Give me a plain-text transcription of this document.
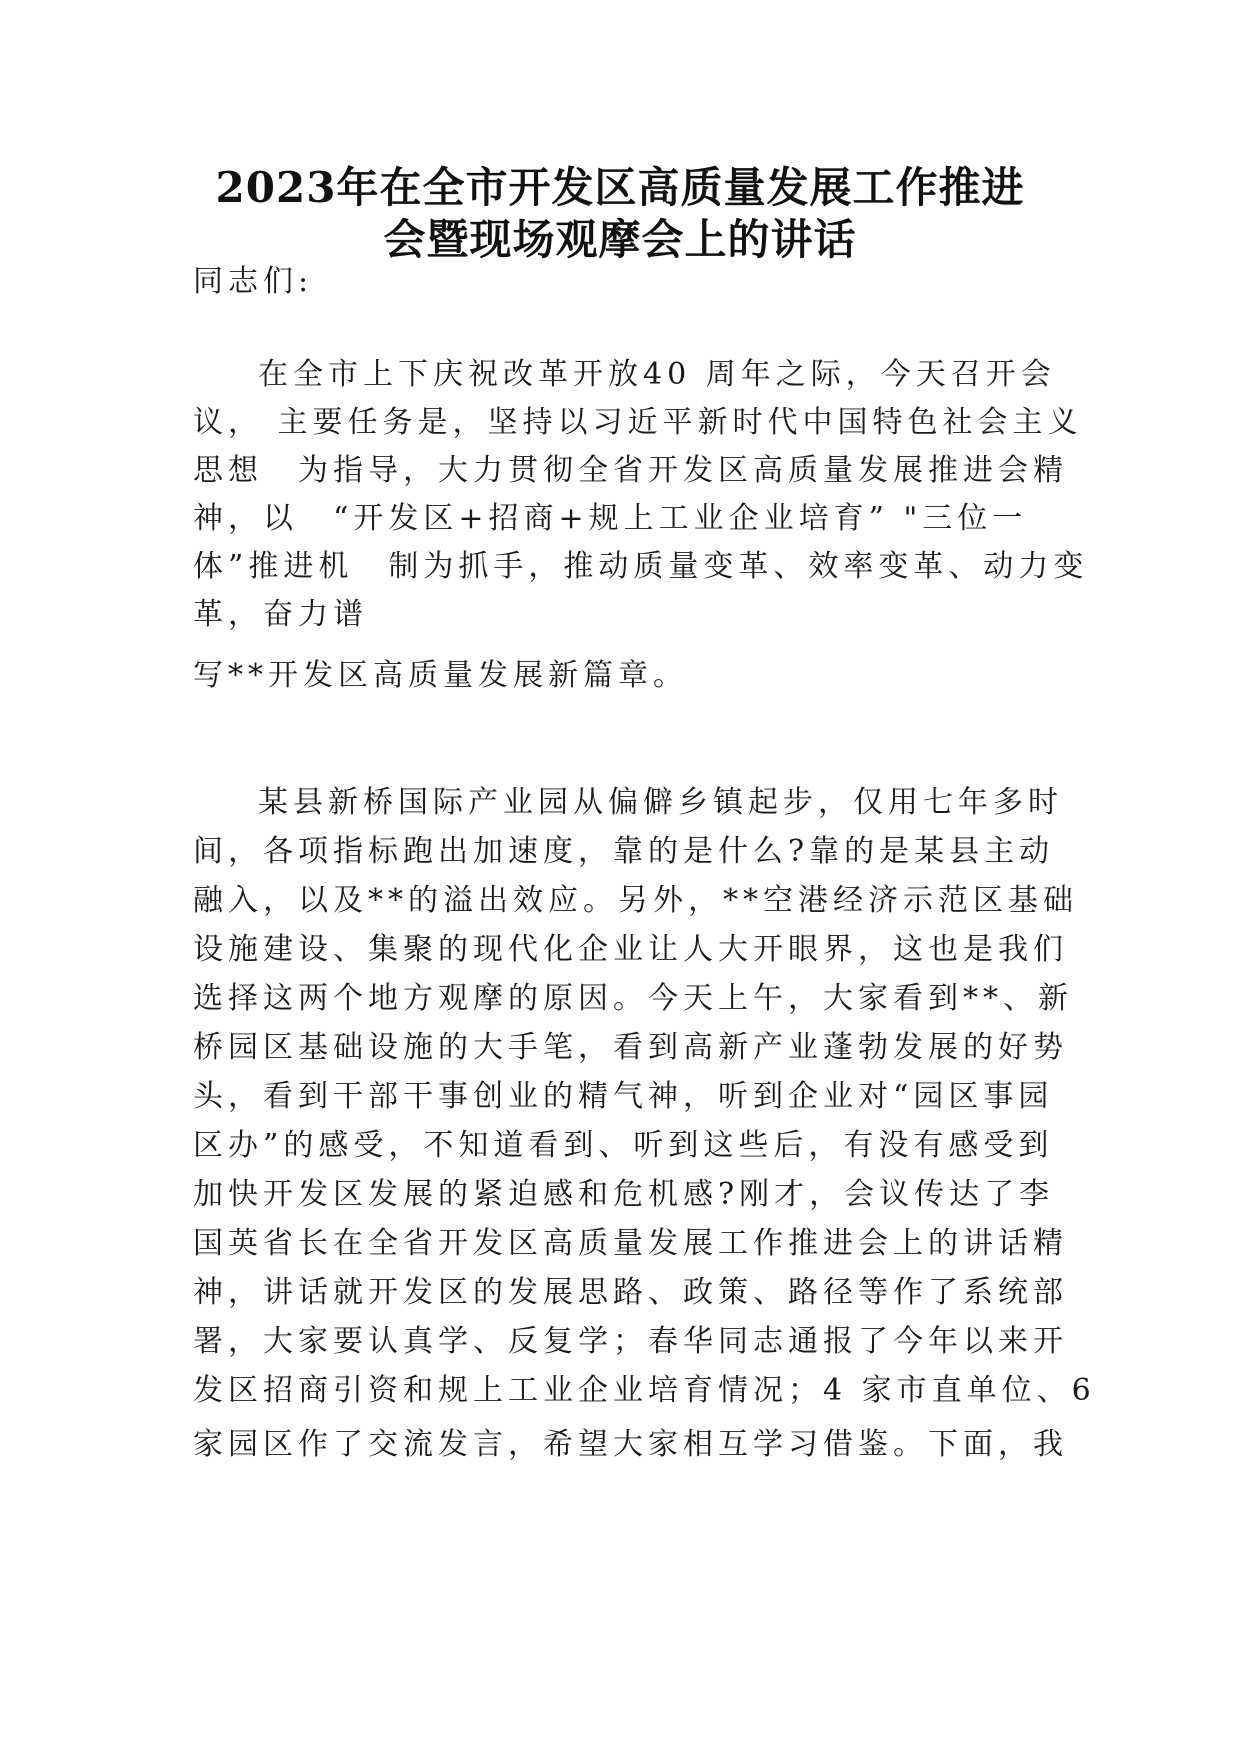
2023年在全市开发区高质量发展工作推进
会暨现场观摩会上的讲话
同志们:
在全市上下庆祝改革开放40 周年之际，今天召开会
议， 主要任务是，坚持以习近平新时代中国特色社会主义
思想　为指导，大力贯彻全省开发区高质量发展推进会精
神，以　“开发区+招商+规上工业企业培育” "三位一
体”推进机　制为抓手，推动质量变革、效率变革、动力变
革，奋力谱
写**开发区高质量发展新篇章。
某县新桥国际产业园从偏僻乡镇起步，仅用七年多时
间，各项指标跑出加速度，靠的是什么?靠的是某县主动
融入，以及**的溢出效应。另外，**空港经济示范区基础
设施建设、集聚的现代化企业让人大开眼界，这也是我们
选择这两个地方观摩的原因。今天上午，大家看到**、新
桥园区基础设施的大手笔，看到高新产业蓬勃发展的好势
头，看到干部干事创业的精气神，听到企业对“园区事园
区办”的感受，不知道看到、听到这些后，有没有感受到
加快开发区发展的紧迫感和危机感?刚才，会议传达了李
国英省长在全省开发区高质量发展工作推进会上的讲话精
神，讲话就开发区的发展思路、政策、路径等作了系统部
署，大家要认真学、反复学；春华同志通报了今年以来开
发区招商引资和规上工业企业培育情况；4 家市直单位、6
家园区作了交流发言，希望大家相互学习借鉴。下面，我
